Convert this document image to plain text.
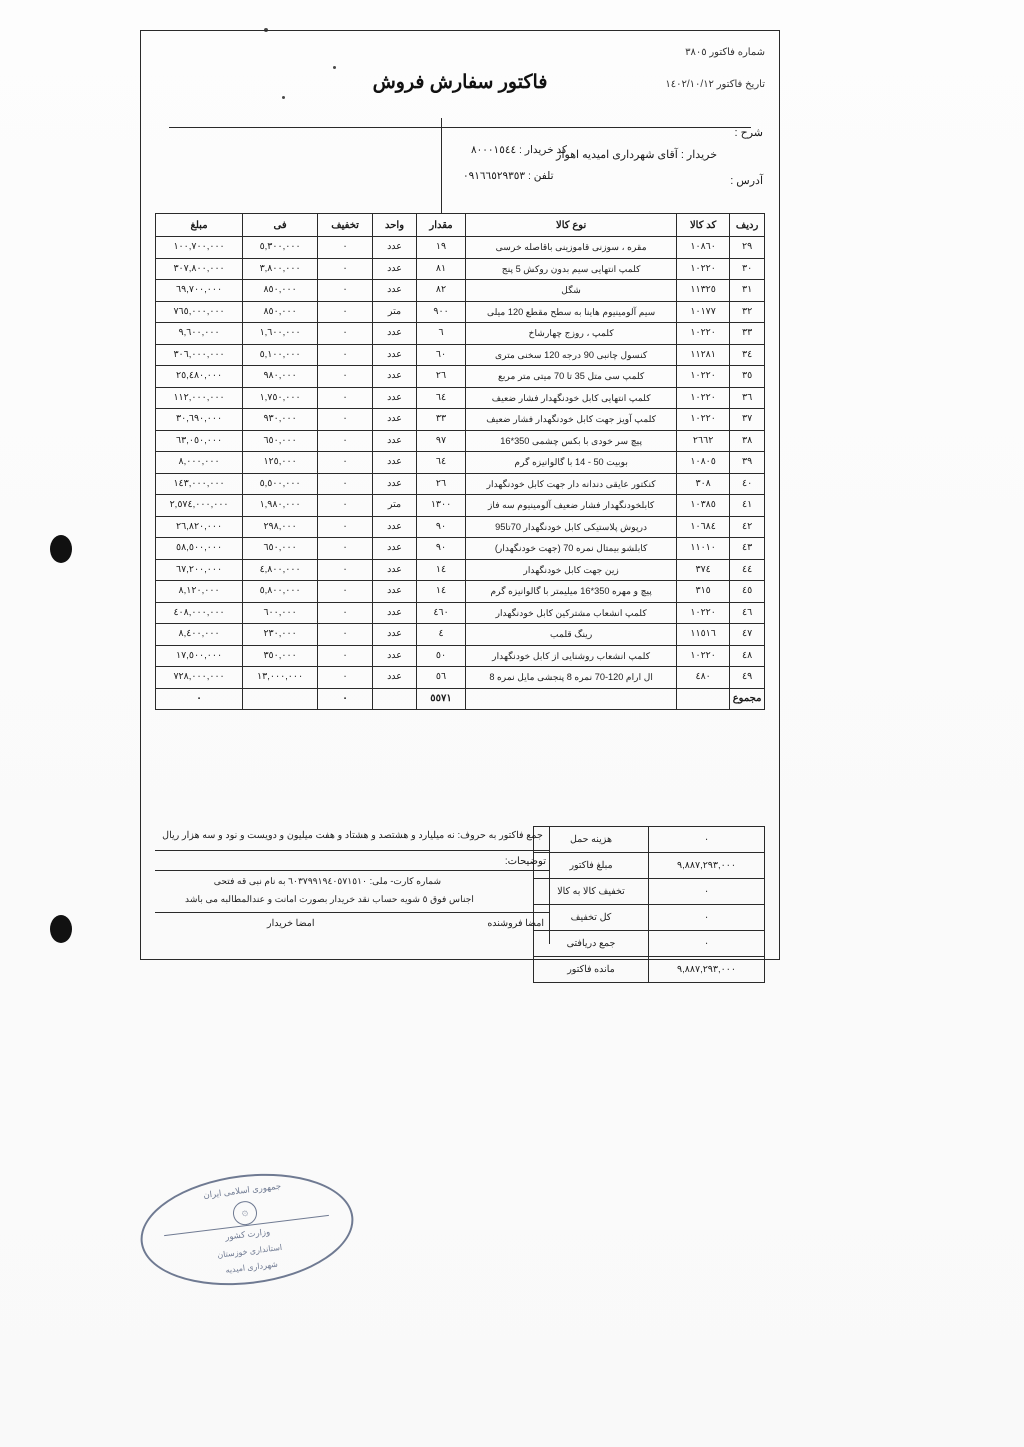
شماره فاکتور ٣٨٠٥
تاریخ فاکتور ١٤٠٢/١٠/١٢
فاکتور سفارش فروش
شرح :
خریدار : آقای شهرداری امیدیه اهواز
آدرس :
کد خریدار : ٨٠٠٠١٥٤٤
تلفن : ٠٩١٦٦٥٢٩٣٥٣
ردیف	کد کالا	نوع کالا	مقدار	واحد	تخفیف	فی	مبلغ
٢٩	١٠٨٦٠	مقره ، سوزنی قاموزینی باقاصله خرسی	١٩	عدد	٠	٥,٣٠٠,٠٠٠	١٠٠,٧٠٠,٠٠٠
٣٠	١٠٢٢٠	کلمپ انتهایی سیم بدون روکش 5 پنج	٨١	عدد	٠	٣,٨٠٠,٠٠٠	٣٠٧,٨٠٠,٠٠٠
٣١	١١٣٢٥	شگل	٨٢	عدد	٠	٨٥٠,٠٠٠	٦٩,٧٠٠,٠٠٠
٣٢	١٠١٧٧	سیم آلومینیوم هاینا به سطح مقطع 120 میلی	٩٠٠	متر	٠	٨٥٠,٠٠٠	٧٦٥,٠٠٠,٠٠٠
٣٣	١٠٢٢٠	کلمپ ، روزج چهارشاخ	٦	عدد	٠	١,٦٠٠,٠٠٠	٩,٦٠٠,٠٠٠
٣٤	١١٢٨١	کنسول چانبی 90 درجه 120 سخنی متری	٦٠	عدد	٠	٥,١٠٠,٠٠٠	٣٠٦,٠٠٠,٠٠٠
٣٥	١٠٢٢٠	کلمپ سی متل 35 تا 70 میتی متر مربع	٢٦	عدد	٠	٩٨٠,٠٠٠	٢٥,٤٨٠,٠٠٠
٣٦	١٠٢٢٠	کلمپ انتهایی کابل خودنگهدار فشار ضعیف	٦٤	عدد	٠	١,٧٥٠,٠٠٠	١١٢,٠٠٠,٠٠٠
٣٧	١٠٢٢٠	کلمپ آویز جهت کابل خودنگهدار فشار ضعیف	٣٣	عدد	٠	٩٣٠,٠٠٠	٣٠,٦٩٠,٠٠٠
٣٨	٢٦٦٢	پیچ سر خودی با بکس چشمی 350*16	٩٧	عدد	٠	٦٥٠,٠٠٠	٦٣,٠٥٠,٠٠٠
٣٩	١٠٨٠٥	بوبیت 50 - 14 با گالوانیزه گرم	٦٤	عدد	٠	١٢٥,٠٠٠	٨,٠٠٠,٠٠٠
٤٠	٣٠٨	کنکتور عایقی دندانه دار جهت کابل خودنگهدار	٢٦	عدد	٠	٥,٥٠٠,٠٠٠	١٤٣,٠٠٠,٠٠٠
٤١	١٠٣٨٥	کابلخودنگهدار فشار ضعیف آلومینیوم سه فاز	١٣٠٠	متر	٠	١,٩٨٠,٠٠٠	٢,٥٧٤,٠٠٠,٠٠٠
٤٢	١٠٦٨٤	درپوش پلاستیکی کابل خودنگهدار 70تا95	٩٠	عدد	٠	٢٩٨,٠٠٠	٢٦,٨٢٠,٠٠٠
٤٣	١١٠١٠	کابلشو بیمتال نمره 70 (جهت خودنگهدار)	٩٠	عدد	٠	٦٥٠,٠٠٠	٥٨,٥٠٠,٠٠٠
٤٤	٣٧٤	زین جهت کابل خودنگهدار	١٤	عدد	٠	٤,٨٠٠,٠٠٠	٦٧,٢٠٠,٠٠٠
٤٥	٣١٥	پیچ و مهره 350*16 میلیمتر با گالوانیزه گرم	١٤	عدد	٠	٥,٨٠٠,٠٠٠	٨,١٢٠,٠٠٠
٤٦	١٠٢٢٠	کلمپ انشعاب مشترکین کابل خودنگهدار	٤٦٠	عدد	٠	٦٠٠,٠٠٠	٤٠٨,٠٠٠,٠٠٠
٤٧	١١٥١٦	رینگ قلمب	٤	عدد	٠	٢٣٠,٠٠٠	٨,٤٠٠,٠٠٠
٤٨	١٠٢٢٠	کلمپ انشعاب روشنایی از کابل خودنگهدار	٥٠	عدد	٠	٣٥٠,٠٠٠	١٧,٥٠٠,٠٠٠
٤٩	٤٨٠	ال ارام 120-70 نمره 8 پنجشی مایل نمره 8	٥٦	عدد	٠	١٣,٠٠٠,٠٠٠	٧٢٨,٠٠٠,٠٠٠
مجموع			٥٥٧١		٠		٠
٠	هزینه حمل
٩,٨٨٧,٢٩٣,٠٠٠	مبلغ فاکتور
٠	تخفیف کالا به کالا
٠	کل تخفیف
٠	جمع دریافتی
٩,٨٨٧,٢٩٣,٠٠٠	مانده فاکتور
جمع فاکتور به حروف: نه میلیارد و هشتصد و هشتاد و هفت میلیون و دویست و نود و سه هزار ریال
توضیحات:
شماره کارت- ملی: ٦٠٣٧٩٩١٩٤٠٥٧١٥١٠ به نام نبی قه فتحی
اجناس فوق ٥ شویه حساب نقد خریدار بصورت امانت و عندالمطالبه می باشد
امضا فروشنده
امضا خریدار
جمهوری اسلامی ایران
۞
وزارت کشور
استانداری خوزستان
شهرداری امیدیه
